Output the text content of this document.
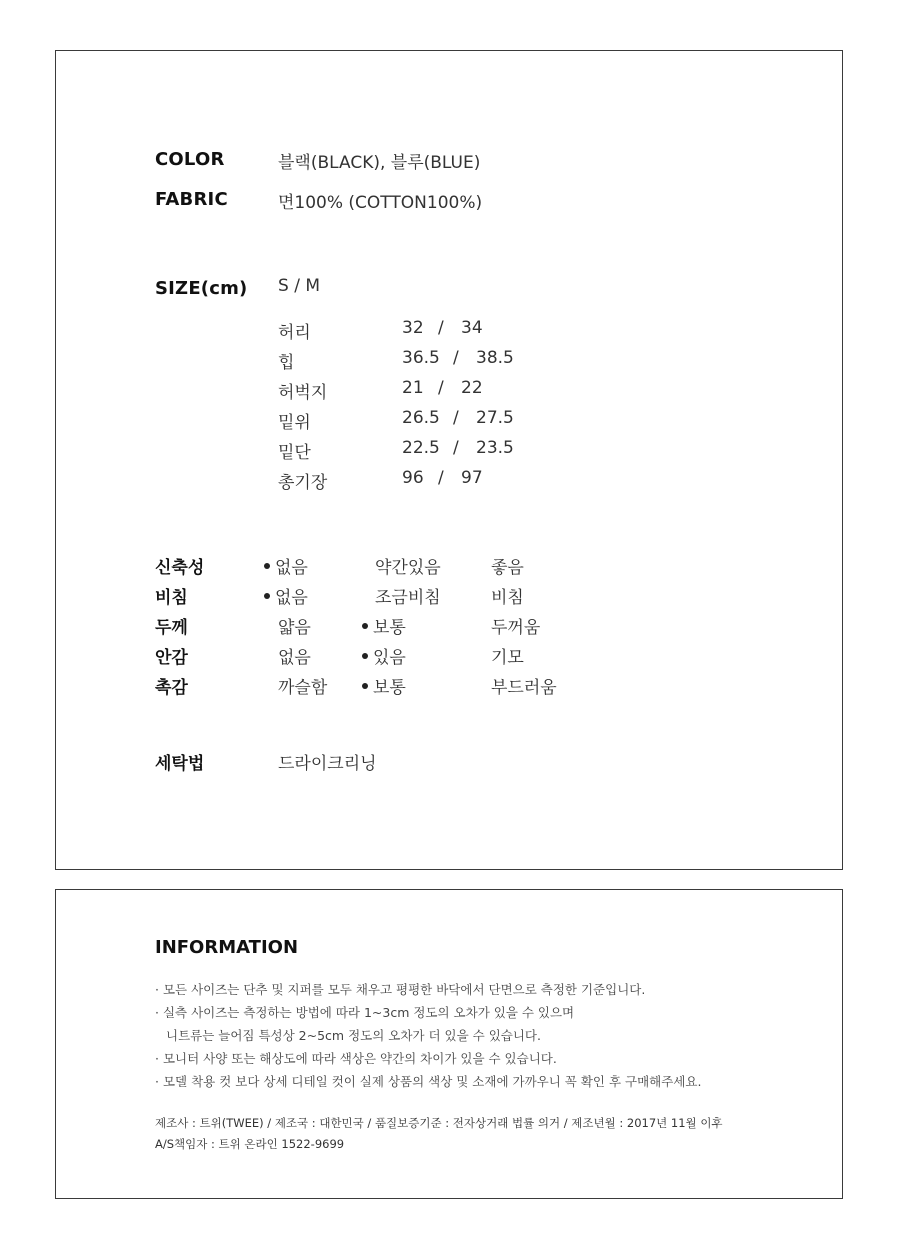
COLOR	블랙(BLACK), 블루(BLUE)
FABRIC	면100% (COTTON100%)
SIZE(cm) S / M
허리	32 / 34
힙	36.5 / 38.5
허벅지	21 / 22
밑위	26.5 / 27.5
밑단	22.5 / 23.5
총기장	96 / 97
신축성	없음	약간있음	좋음
비침	없음	조금비침	비침
두께	얇음	보통	두꺼움
안감	없음	있음	기모
촉감	까슬함	보통	부드러움
세탁법	드라이크리닝
INFORMATION
· 모든 사이즈는 단추 및 지퍼를 모두 채우고 평평한 바닥에서 단면으로 측정한 기준입니다.
· 실측 사이즈는 측정하는 방법에 따라 1~3cm 정도의 오차가 있을 수 있으며
니트류는 늘어짐 특성상 2~5cm 정도의 오차가 더 있을 수 있습니다.
· 모니터 사양 또는 해상도에 따라 색상은 약간의 차이가 있을 수 있습니다.
· 모델 착용 컷 보다 상세 디테일 컷이 실제 상품의 색상 및 소재에 가까우니 꼭 확인 후 구매해주세요.
제조사 : 트위(TWEE) / 제조국 : 대한민국 / 품질보증기준 : 전자상거래 법률 의거 / 제조년월 : 2017년 11월 이후
A/S책임자 : 트위 온라인 1522-9699
